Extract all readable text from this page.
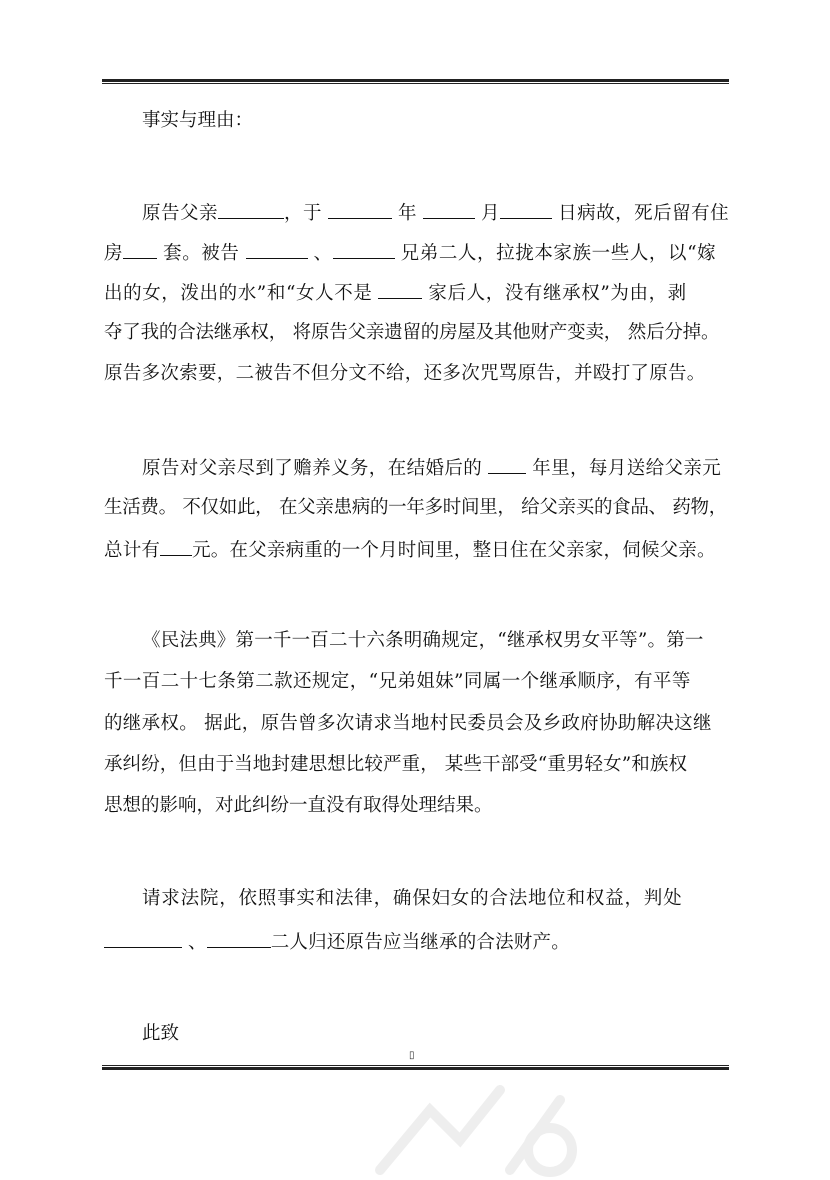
事实与理由：
原告父亲	，于	年	月	日病故，死后留有住
房 套。被告	、	兄弟二人，拉拢本家族一些人，以“嫁
出的女，泼出的水”和“女人不是	家后人，没有继承权”为由，剥
夺了我的合法继承权， 将原告父亲遗留的房屋及其他财产变卖， 然后分掉。
原告多次索要，二被告不但分文不给，还多次咒骂原告，并殴打了原告。
原告对父亲尽到了赡养义务，在结婚后的	年里，每月送给父亲元
生活费。 不仅如此， 在父亲患病的一年多时间里， 给父亲买的食品、 药物，
总计有 元。在父亲病重的一个月时间里，整日住在父亲家，伺候父亲。
《民法典》第一千一百二十六条明确规定，“继承权男女平等”。第一
千一百二十七条第二款还规定，“兄弟姐妹”同属一个继承顺序，有平等
的继承权。 据此，原告曾多次请求当地村民委员会及乡政府协助解决这继
承纠纷，但由于当地封建思想比较严重， 某些干部受“重男轻女”和族权
思想的影响，对此纠纷一直没有取得处理结果。
请求法院，依照事实和法律，确保妇女的合法地位和权益，判处
、	二人归还原告应当继承的合法财产。
此致
▯
